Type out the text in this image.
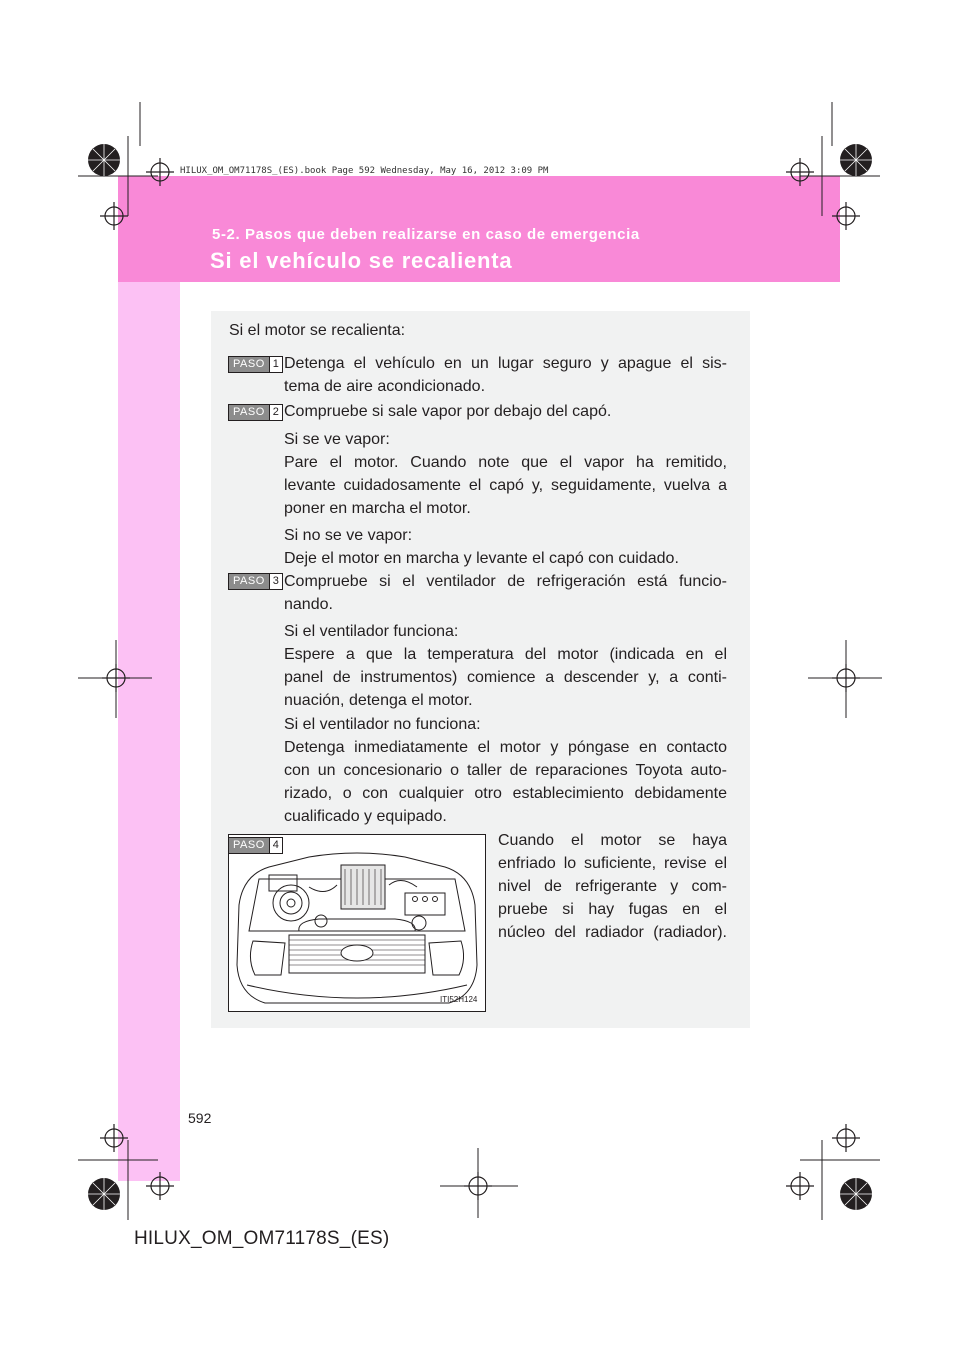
HILUX_OM_OM71178S_(ES).book Page 592 Wednesday, May 16, 2012 3:09 PM
5-2. Pasos que deben realizarse en caso de emergencia
Si el vehículo se recalienta
Si el motor se recalienta:
PASO 1 Detenga el vehículo en un lugar seguro y apague el sis-
tema de aire acondicionado.
PASO 2 Compruebe si sale vapor por debajo del capó.
Si se ve vapor:
Pare el motor. Cuando note que el vapor ha remitido,
levante cuidadosamente el capó y, seguidamente, vuelva a
poner en marcha el motor.
Si no se ve vapor:
Deje el motor en marcha y levante el capó con cuidado.
PASO 3 Compruebe si el ventilador de refrigeración está funcio-
nando.
Si el ventilador funciona:
Espere a que la temperatura del motor (indicada en el
panel de instrumentos) comience a descender y, a conti-
nuación, detenga el motor.
Si el ventilador no funciona:
Detenga inmediatamente el motor y póngase en contacto
con un concesionario o taller de reparaciones Toyota auto-
rizado, o con cualquier otro establecimiento debidamente
cualificado y equipado.
PASO 4
ITI52H124
Cuando el motor se haya
enfriado lo suficiente, revise el
nivel de refrigerante y com-
pruebe si hay fugas en el
núcleo del radiador (radiador).
592
HILUX_OM_OM71178S_(ES)
